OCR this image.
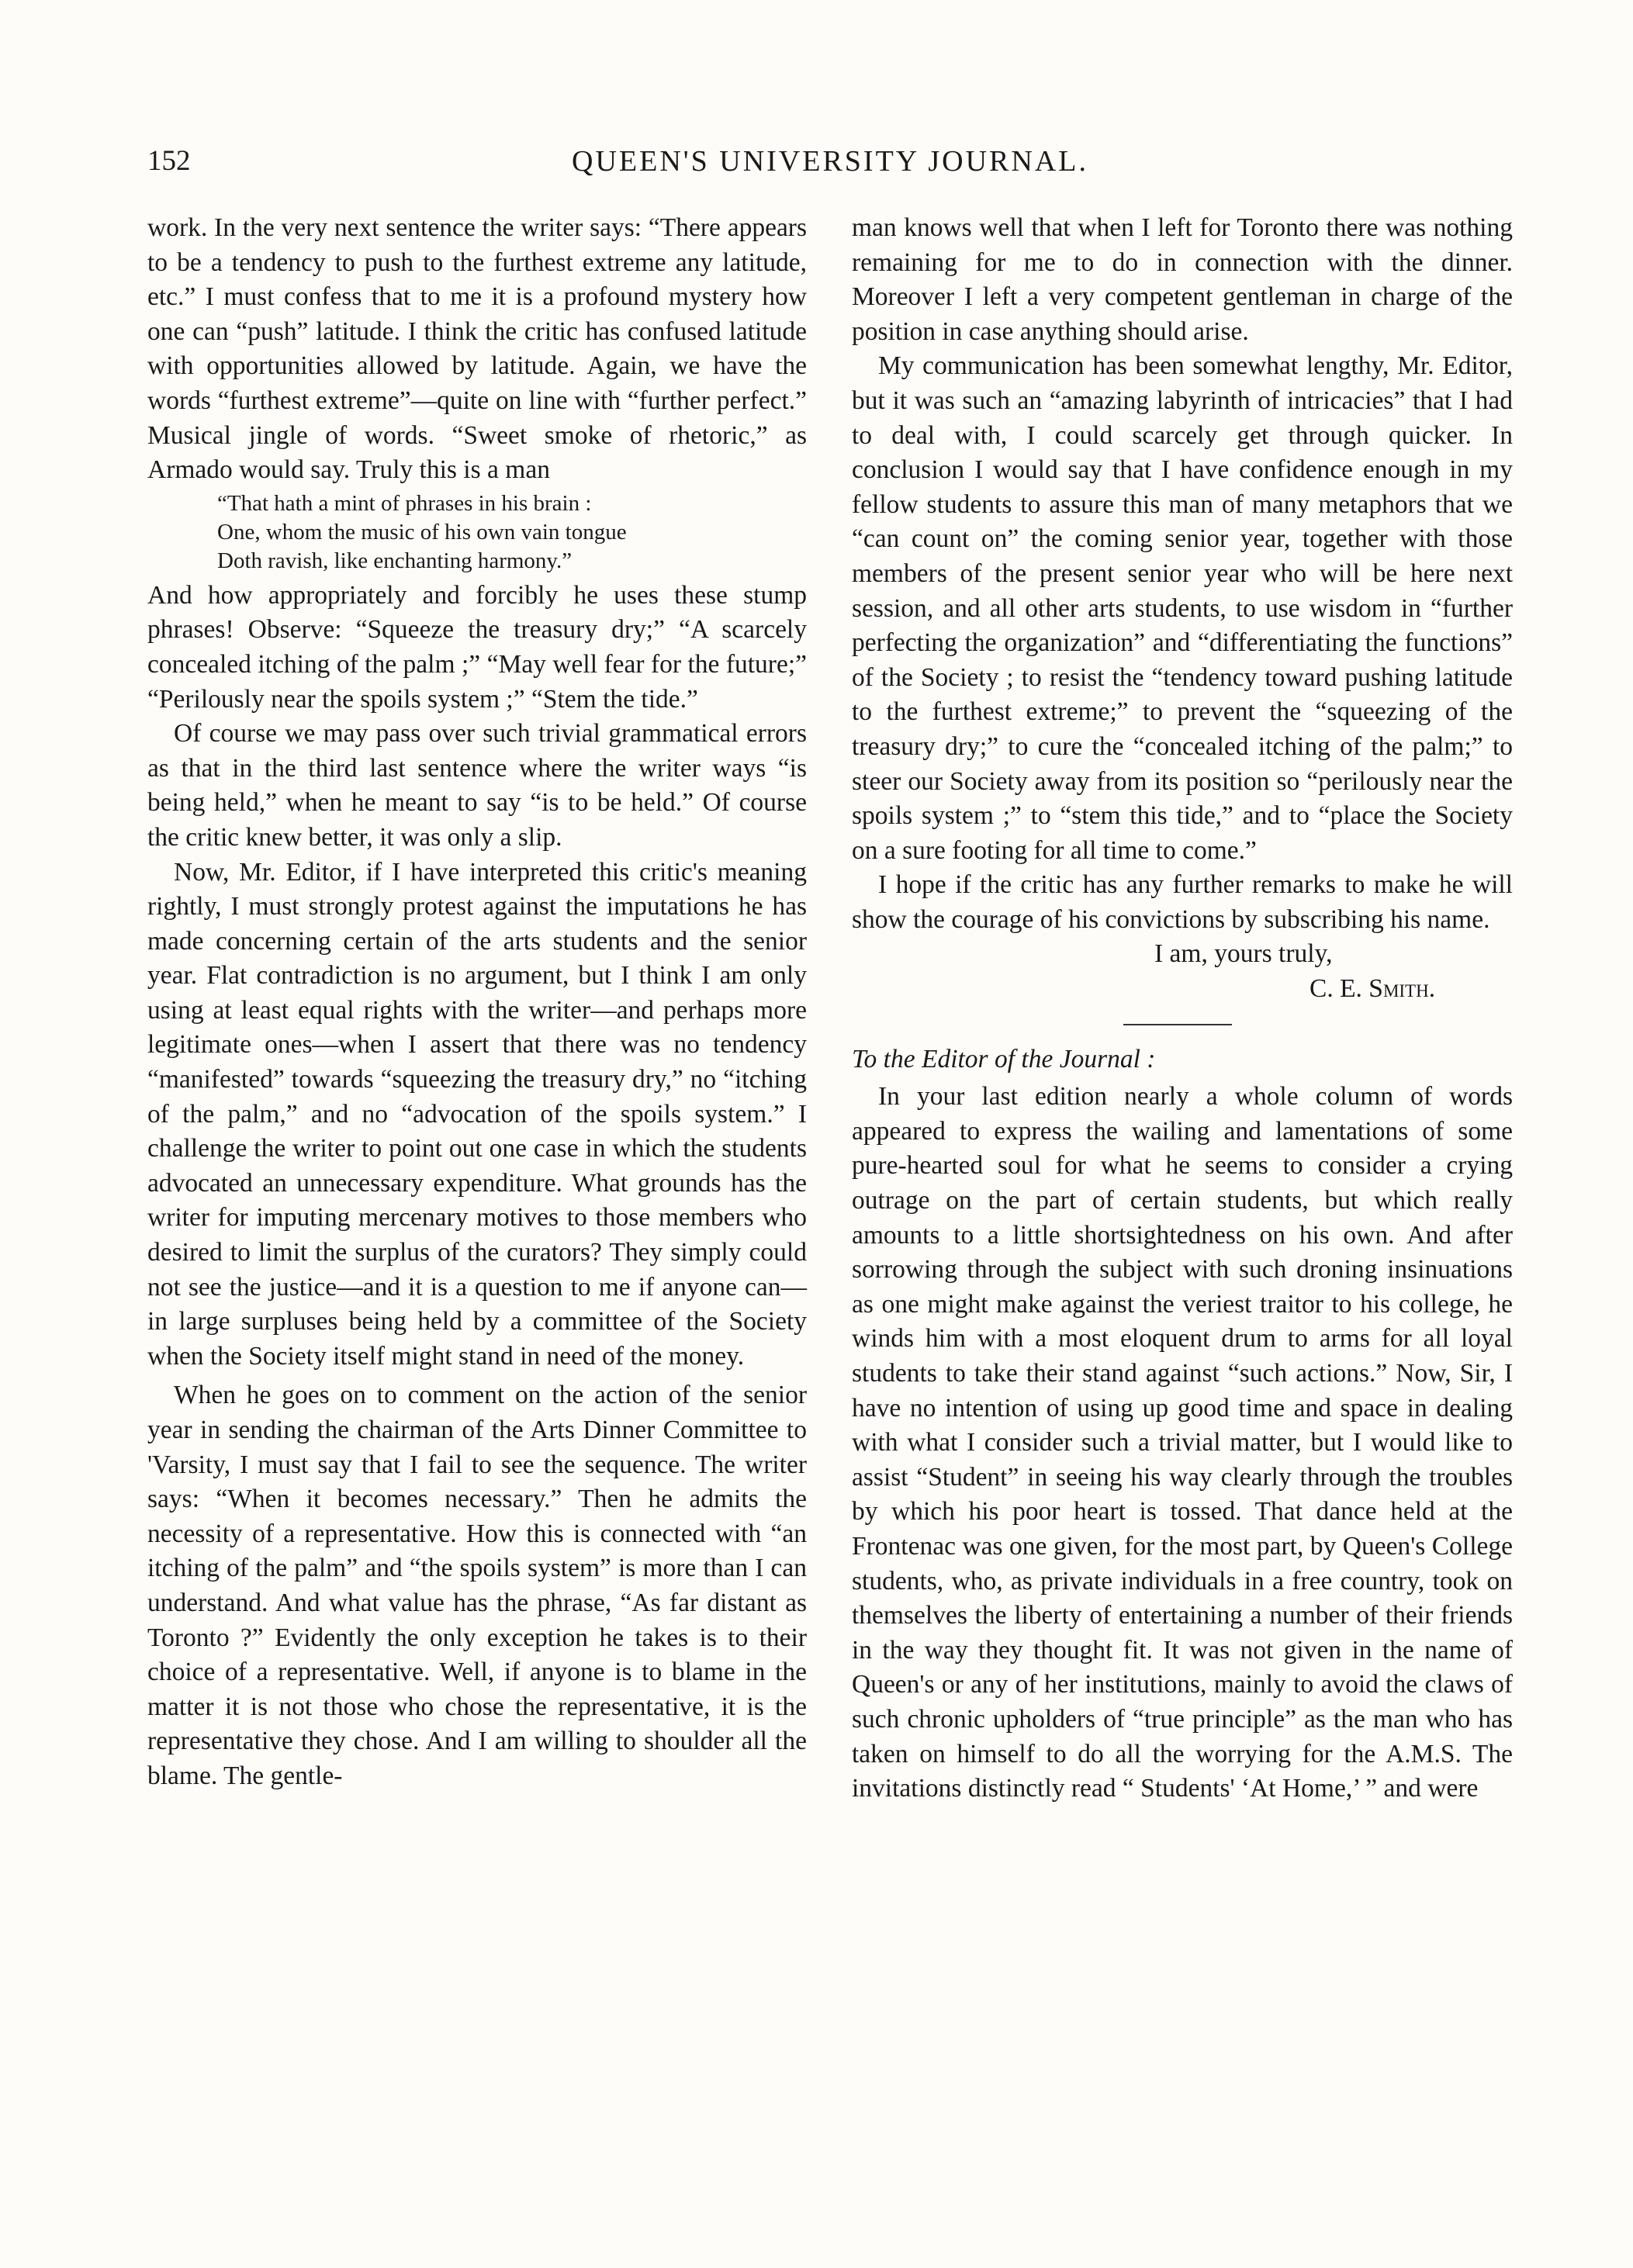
152	QUEEN'S UNIVERSITY JOURNAL.

work. In the very next sentence the writer says: “There appears to be a tendency to push to the furthest extreme any latitude, etc.” I must confess that to me it is a profound mystery how one can “push” latitude. I think the critic has confused latitude with opportunities allowed by latitude. Again, we have the words “furthest extreme”—quite on line with “further perfect.” Musical jingle of words. “Sweet smoke of rhetoric,” as Armado would say. Truly this is a man

“That hath a mint of phrases in his brain :
One, whom the music of his own vain tongue
Doth ravish, like enchanting harmony.”

And how appropriately and forcibly he uses these stump phrases! Observe: “Squeeze the treasury dry;” “A scarcely concealed itching of the palm ;” “May well fear for the future;” “Perilously near the spoils system ;” “Stem the tide.”

Of course we may pass over such trivial grammatical errors as that in the third last sentence where the writer ways “is being held,” when he meant to say “is to be held.” Of course the critic knew better, it was only a slip.

Now, Mr. Editor, if I have interpreted this critic's meaning rightly, I must strongly protest against the imputations he has made concerning certain of the arts students and the senior year. Flat contradiction is no argument, but I think I am only using at least equal rights with the writer—and perhaps more legitimate ones—when I assert that there was no tendency “manifested” towards “squeezing the treasury dry,” no “itching of the palm,” and no “advocation of the spoils system.” I challenge the writer to point out one case in which the students advocated an unnecessary expenditure. What grounds has the writer for imputing mercenary motives to those members who desired to limit the surplus of the curators? They simply could not see the justice—and it is a question to me if anyone can—in large surpluses being held by a committee of the Society when the Society itself might stand in need of the money.

When he goes on to comment on the action of the senior year in sending the chairman of the Arts Dinner Committee to 'Varsity, I must say that I fail to see the sequence. The writer says: “When it becomes necessary.” Then he admits the necessity of a representative. How this is connected with “an itching of the palm” and “the spoils system” is more than I can understand. And what value has the phrase, “As far distant as Toronto ?” Evidently the only exception he takes is to their choice of a representative. Well, if anyone is to blame in the matter it is not those who chose the representative, it is the representative they chose. And I am willing to shoulder all the blame. The gentle-

man knows well that when I left for Toronto there was nothing remaining for me to do in connection with the dinner. Moreover I left a very competent gentleman in charge of the position in case anything should arise.

My communication has been somewhat lengthy, Mr. Editor, but it was such an “amazing labyrinth of intricacies” that I had to deal with, I could scarcely get through quicker. In conclusion I would say that I have confidence enough in my fellow students to assure this man of many metaphors that we “can count on” the coming senior year, together with those members of the present senior year who will be here next session, and all other arts students, to use wisdom in “further perfecting the organization” and “differentiating the functions” of the Society ; to resist the “tendency toward pushing latitude to the furthest extreme;” to prevent the “squeezing of the treasury dry;” to cure the “concealed itching of the palm;” to steer our Society away from its position so “perilously near the spoils system ;” to “stem this tide,” and to “place the Society on a sure footing for all time to come.”

I hope if the critic has any further remarks to make he will show the courage of his convictions by subscribing his name.

I am, yours truly,
C. E. Smith.

To the Editor of the Journal :

In your last edition nearly a whole column of words appeared to express the wailing and lamentations of some pure-hearted soul for what he seems to consider a crying outrage on the part of certain students, but which really amounts to a little shortsightedness on his own. And after sorrowing through the subject with such droning insinuations as one might make against the veriest traitor to his college, he winds him with a most eloquent drum to arms for all loyal students to take their stand against “such actions.” Now, Sir, I have no intention of using up good time and space in dealing with what I consider such a trivial matter, but I would like to assist “Student” in seeing his way clearly through the troubles by which his poor heart is tossed. That dance held at the Frontenac was one given, for the most part, by Queen's College students, who, as private individuals in a free country, took on themselves the liberty of entertaining a number of their friends in the way they thought fit. It was not given in the name of Queen's or any of her institutions, mainly to avoid the claws of such chronic upholders of “true principle” as the man who has taken on himself to do all the worrying for the A.M.S. The invitations distinctly read “ Students' ‘At Home,’ ” and were
